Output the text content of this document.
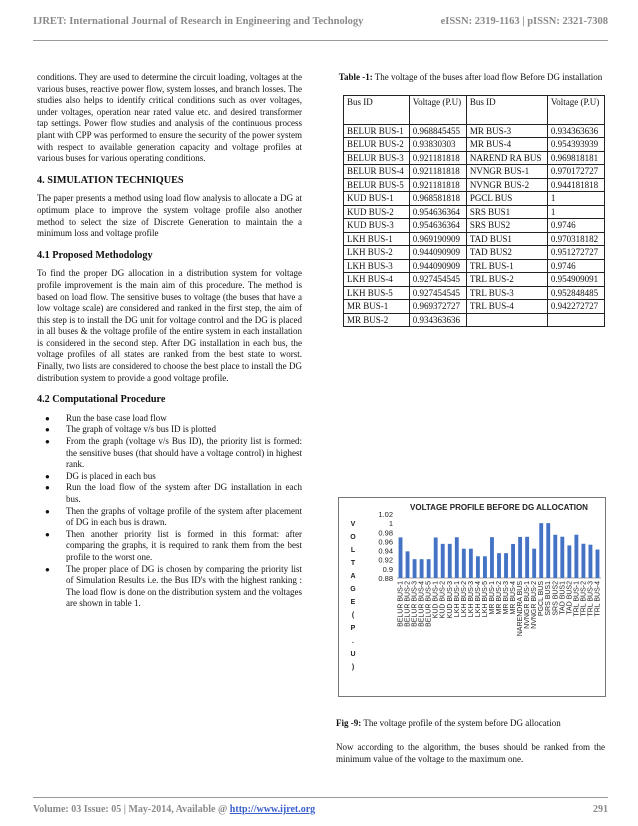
IJRET: International Journal of Research in Engineering and Technology	eISSN: 2319-1163 | pISSN: 2321-7308

conditions. They are used to determine the circuit loading, voltages at the various buses, reactive power flow, system losses, and branch losses. The studies also helps to identify critical conditions such as over voltages, under voltages, operation near rated value etc. and desired transformer tap settings. Power flow studies and analysis of the continuous process plant with CPP was performed to ensure the security of the power system with respect to available generation capacity and voltage profiles at various buses for various operating conditions.

4. SIMULATION TECHNIQUES

The paper presents a method using load flow analysis to allocate a DG at optimum place to improve the system voltage profile also another method to select the size of Discrete Generation to maintain the a minimum loss and voltage profile

4.1 Proposed Methodology

To find the proper DG allocation in a distribution system for voltage profile improvement is the main aim of this procedure. The method is based on load flow. The sensitive buses to voltage (the buses that have a low voltage scale) are considered and ranked in the first step, the aim of this step is to install the DG unit for voltage control and the DG is placed in all buses & the voltage profile of the entire system in each installation is considered in the second step. After DG installation in each bus, the voltage profiles of all states are ranked from the best state to worst. Finally, two lists are considered to choose the best place to install the DG distribution system to provide a good voltage profile.

4.2 Computational Procedure
● Run the base case load flow
● The graph of voltage v/s bus ID is plotted
● From the graph (voltage v/s Bus ID), the priority list is formed: the sensitive buses (that should have a voltage control) in highest rank.
● DG is placed in each bus
● Run the load flow of the system after DG installation in each bus.
● Then the graphs of voltage profile of the system after placement of DG in each bus is drawn.
● Then another priority list is formed in this format: after comparing the graphs, it is required to rank them from the best profile to the worst one.
● The proper place of DG is chosen by comparing the priority list of Simulation Results i.e. the Bus ID's with the highest ranking : The load flow is done on the distribution system and the voltages are shown in table 1.
Table -1: The voltage of the buses after load flow Before DG installation
Bus ID	Voltage (P.U)	Bus ID	Voltage (P.U)
BELUR BUS-1	0.968845455	MR BUS-3	0.934363636
BELUR BUS-2	0.93830303	MR BUS-4	0.954393939
BELUR BUS-3	0.921181818	NAREND RA BUS	0.969818181
BELUR BUS-4	0.921181818	NVNGR BUS-1	0.970172727
BELUR BUS-5	0.921181818	NVNGR BUS-2	0.944181818
KUD BUS-1	0.968581818	PGCL BUS	1
KUD BUS-2	0.954636364	SRS BUS1	1
KUD BUS-3	0.954636364	SRS BUS2	0.9746
LKH BUS-1	0.969190909	TAD BUS1	0.970318182
LKH BUS-2	0.944090909	TAD BUS2	0.951272727
LKH BUS-3	0.944090909	TRL BUS-1	0.9746
LKH BUS-4	0.927454545	TRL BUS-2	0.954909091
LKH BUS-5	0.927454545	TRL BUS-3	0.952848485
MR BUS-1	0.969372727	TRL BUS-4	0.942272727
MR BUS-2	0.934363636		
VOLTAGE PROFILE BEFORE DG ALLOCATION
0.88
0.9
0.92
0.94
0.96
0.98
1
1.02
V
O
L
T
A
G
E
(
P
.
U
)
BELUR BUS-1 BELUR BUS-2 BELUR BUS-3 BELUR BUS-4 BELUR BUS-5 KUD BUS-1 KUD BUS-2 KUD BUS-3 LKH BUS-1 LKH BUS-2 LKH BUS-3 LKH BUS-4 LKH BUS-5 MR BUS-1 MR BUS-2 MR BUS-3 MR BUS-4 NARENDRA BUS NVNGR BUS-1 NVNGR BUS-2 PGCL BUS SRS BUS1 SRS BUS2 TAD BUS1 TAD BUS2 TRL BUS-1 TRL BUS-2 TRL BUS-3 TRL BUS-4
Fig -9: The voltage profile of the system before DG allocation
Now according to the algorithm, the buses should be ranked from the minimum value of the voltage to the maximum one.
Volume: 03 Issue: 05 | May-2014, Available @ http://www.ijret.org	291
